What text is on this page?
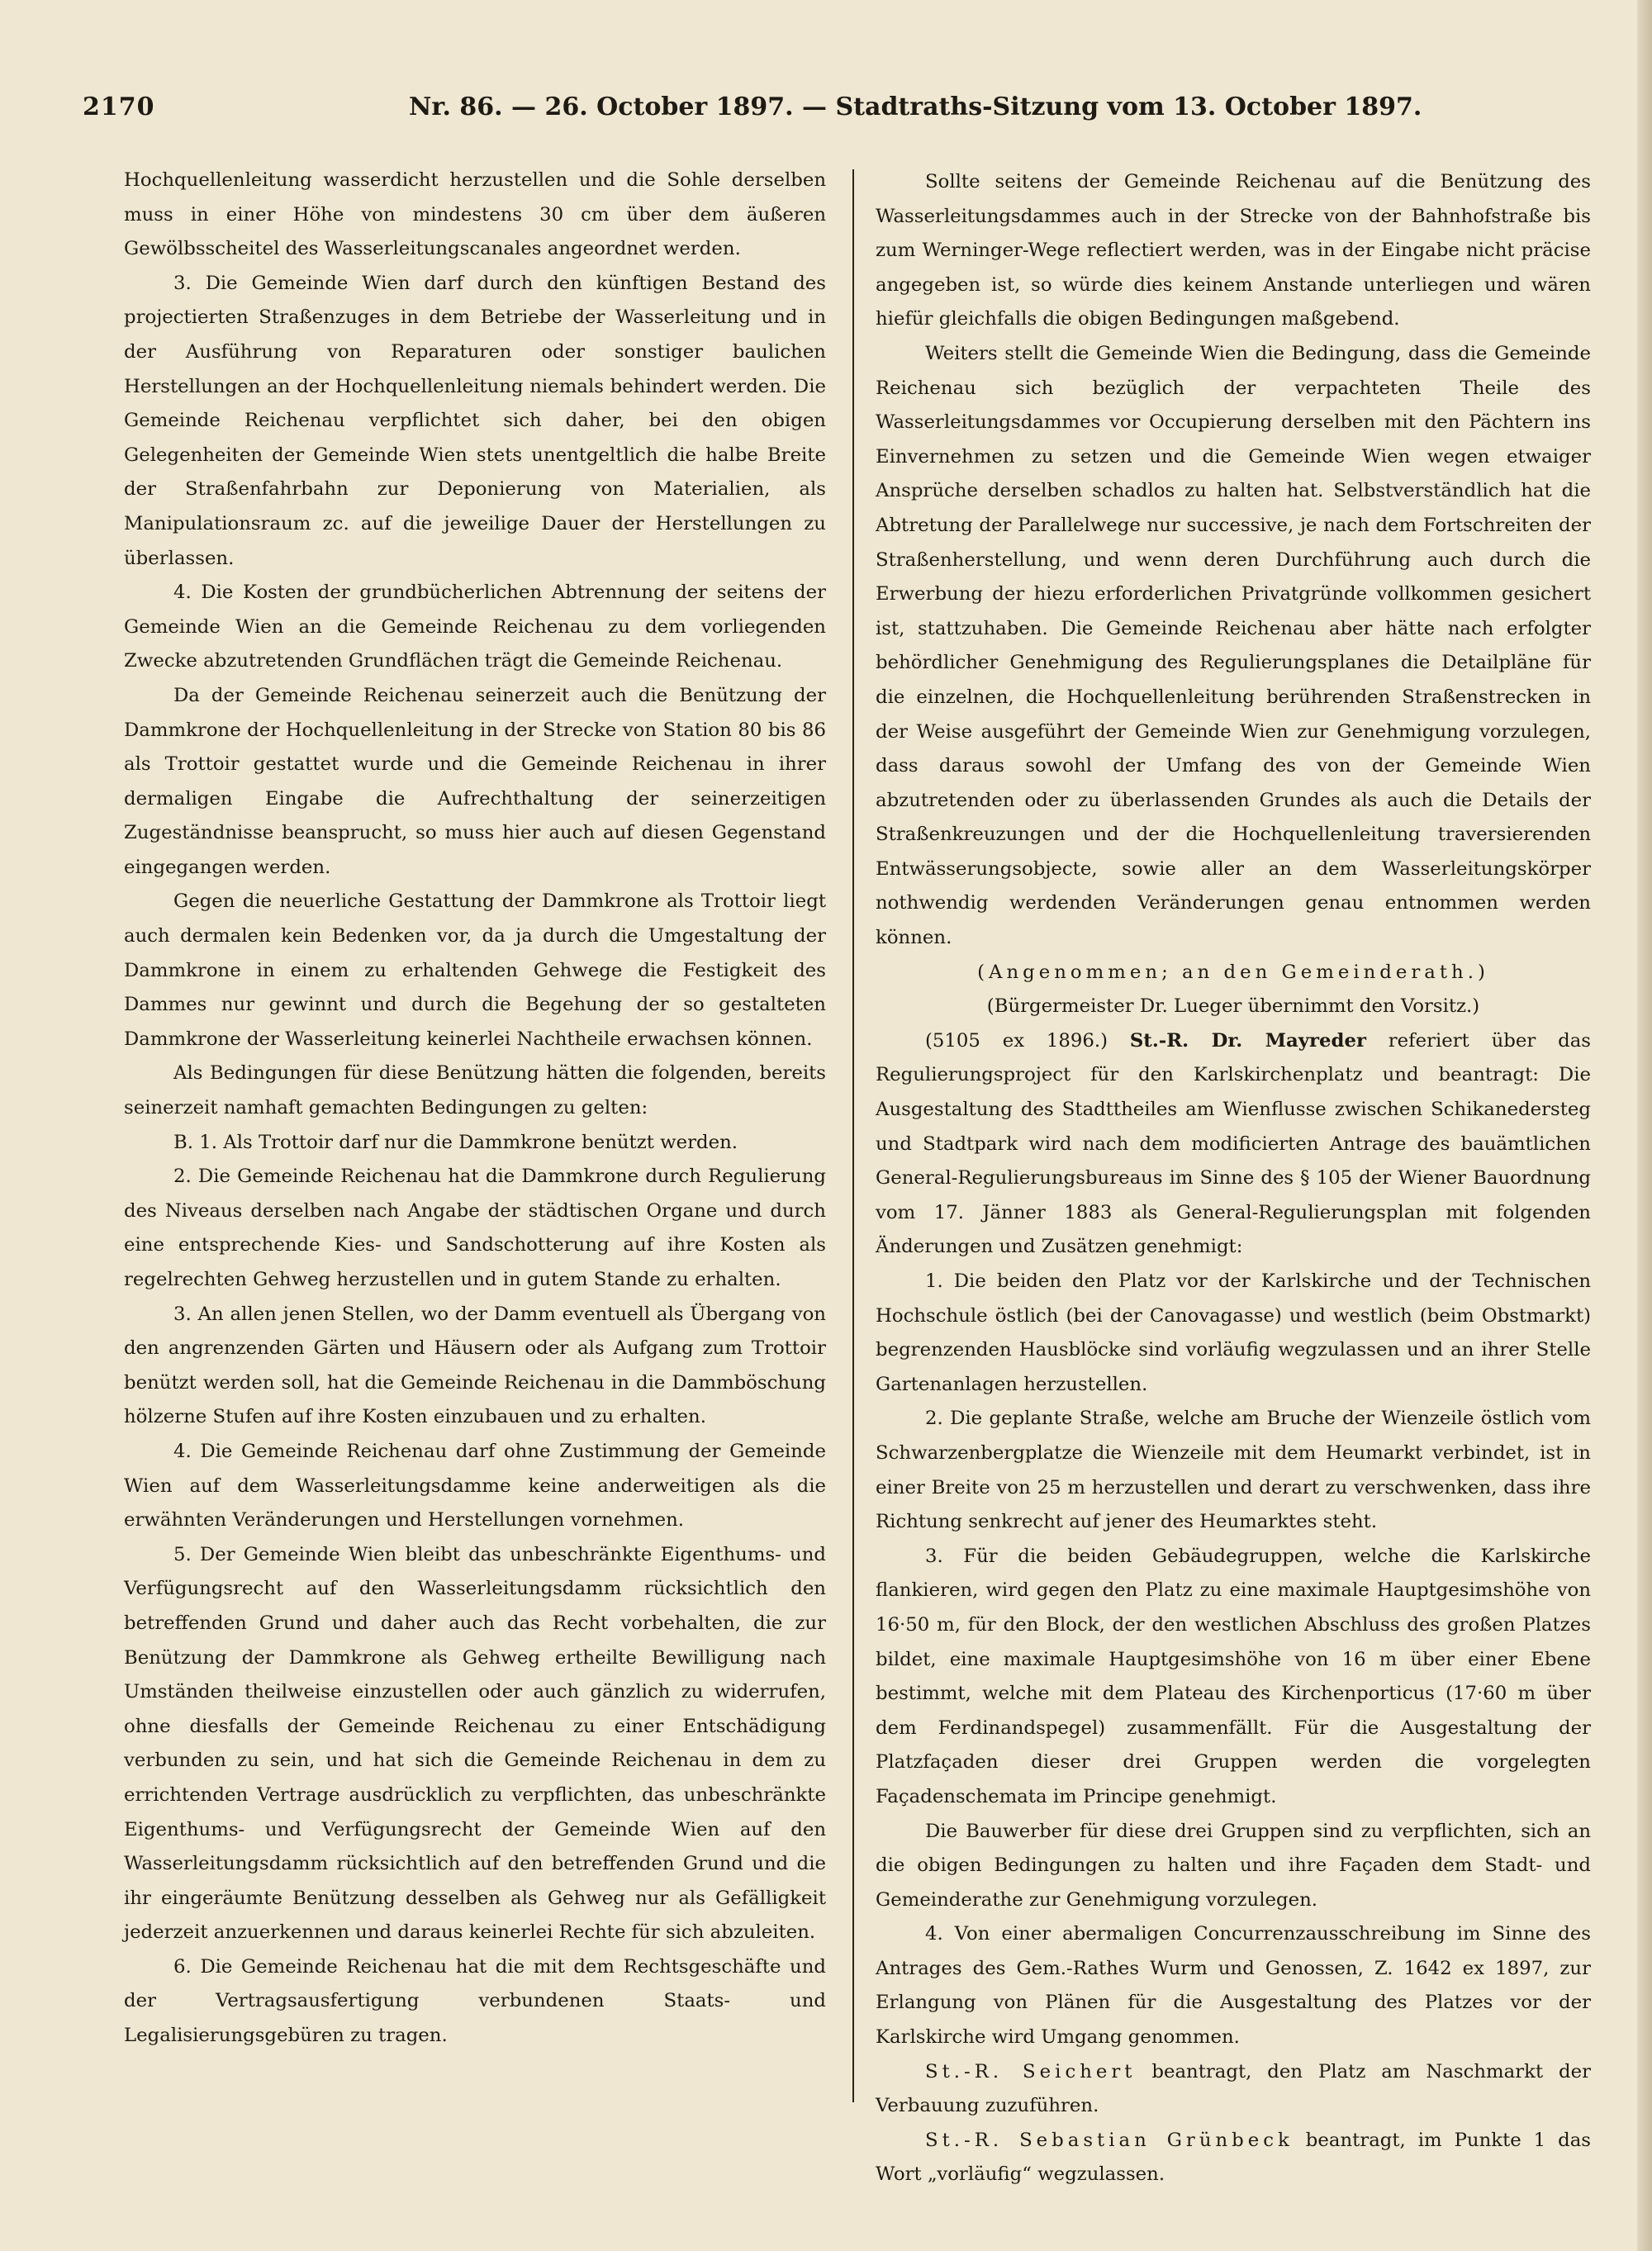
2170	Nr. 86. — 26. October 1897. — Stadtraths-Sitzung vom 13. October 1897.

Hochquellenleitung wasserdicht herzustellen und die Sohle derselben muss in einer Höhe von mindestens 30 cm über dem äußeren Gewölbsscheitel des Wasserleitungscanales angeordnet werden.

3. Die Gemeinde Wien darf durch den künftigen Bestand des projectierten Straßenzuges in dem Betriebe der Wasserleitung und in der Ausführung von Reparaturen oder sonstiger baulichen Herstellungen an der Hochquellenleitung niemals behindert werden. Die Gemeinde Reichenau verpflichtet sich daher, bei den obigen Gelegenheiten der Gemeinde Wien stets unentgeltlich die halbe Breite der Straßenfahrbahn zur Deponierung von Materialien, als Manipulationsraum zc. auf die jeweilige Dauer der Herstellungen zu überlassen.

4. Die Kosten der grundbücherlichen Abtrennung der seitens der Gemeinde Wien an die Gemeinde Reichenau zu dem vorliegenden Zwecke abzutretenden Grundflächen trägt die Gemeinde Reichenau.

Da der Gemeinde Reichenau seinerzeit auch die Benützung der Dammkrone der Hochquellenleitung in der Strecke von Station 80 bis 86 als Trottoir gestattet wurde und die Gemeinde Reichenau in ihrer dermaligen Eingabe die Aufrechthaltung der seinerzeitigen Zugeständnisse beansprucht, so muss hier auch auf diesen Gegenstand eingegangen werden.

Gegen die neuerliche Gestattung der Dammkrone als Trottoir liegt auch dermalen kein Bedenken vor, da ja durch die Umgestaltung der Dammkrone in einem zu erhaltenden Gehwege die Festigkeit des Dammes nur gewinnt und durch die Begehung der so gestalteten Dammkrone der Wasserleitung keinerlei Nachtheile erwachsen können.

Als Bedingungen für diese Benützung hätten die folgenden, bereits seinerzeit namhaft gemachten Bedingungen zu gelten:

B. 1. Als Trottoir darf nur die Dammkrone benützt werden.

2. Die Gemeinde Reichenau hat die Dammkrone durch Regulierung des Niveaus derselben nach Angabe der städtischen Organe und durch eine entsprechende Kies- und Sandschotterung auf ihre Kosten als regelrechten Gehweg herzustellen und in gutem Stande zu erhalten.

3. An allen jenen Stellen, wo der Damm eventuell als Übergang von den angrenzenden Gärten und Häusern oder als Aufgang zum Trottoir benützt werden soll, hat die Gemeinde Reichenau in die Dammböschung hölzerne Stufen auf ihre Kosten einzubauen und zu erhalten.

4. Die Gemeinde Reichenau darf ohne Zustimmung der Gemeinde Wien auf dem Wasserleitungsdamme keine anderweitigen als die erwähnten Veränderungen und Herstellungen vornehmen.

5. Der Gemeinde Wien bleibt das unbeschränkte Eigenthums- und Verfügungsrecht auf den Wasserleitungsdamm rücksichtlich den betreffenden Grund und daher auch das Recht vorbehalten, die zur Benützung der Dammkrone als Gehweg ertheilte Bewilligung nach Umständen theilweise einzustellen oder auch gänzlich zu widerrufen, ohne diesfalls der Gemeinde Reichenau zu einer Entschädigung verbunden zu sein, und hat sich die Gemeinde Reichenau in dem zu errichtenden Vertrage ausdrücklich zu verpflichten, das unbeschränkte Eigenthums- und Verfügungsrecht der Gemeinde Wien auf den Wasserleitungsdamm rücksichtlich auf den betreffenden Grund und die ihr eingeräumte Benützung desselben als Gehweg nur als Gefälligkeit jederzeit anzuerkennen und daraus keinerlei Rechte für sich abzuleiten.

6. Die Gemeinde Reichenau hat die mit dem Rechtsgeschäfte und der Vertragsausfertigung verbundenen Staats- und Legalisierungsgebüren zu tragen.

Sollte seitens der Gemeinde Reichenau auf die Benützung des Wasserleitungsdammes auch in der Strecke von der Bahnhofstraße bis zum Werninger-Wege reflectiert werden, was in der Eingabe nicht präcise angegeben ist, so würde dies keinem Anstande unterliegen und wären hiefür gleichfalls die obigen Bedingungen maßgebend.

Weiters stellt die Gemeinde Wien die Bedingung, dass die Gemeinde Reichenau sich bezüglich der verpachteten Theile des Wasserleitungsdammes vor Occupierung derselben mit den Pächtern ins Einvernehmen zu setzen und die Gemeinde Wien wegen etwaiger Ansprüche derselben schadlos zu halten hat. Selbstverständlich hat die Abtretung der Parallelwege nur successive, je nach dem Fortschreiten der Straßenherstellung, und wenn deren Durchführung auch durch die Erwerbung der hiezu erforderlichen Privatgründe vollkommen gesichert ist, stattzuhaben. Die Gemeinde Reichenau aber hätte nach erfolgter behördlicher Genehmigung des Regulierungsplanes die Detailpläne für die einzelnen, die Hochquellenleitung berührenden Straßenstrecken in der Weise ausgeführt der Gemeinde Wien zur Genehmigung vorzulegen, dass daraus sowohl der Umfang des von der Gemeinde Wien abzutretenden oder zu überlassenden Grundes als auch die Details der Straßenkreuzungen und der die Hochquellenleitung traversierenden Entwässerungsobjecte, sowie aller an dem Wasserleitungskörper nothwendig werdenden Veränderungen genau entnommen werden können.

(Angenommen; an den Gemeinderath.)

(Bürgermeister Dr. Lueger übernimmt den Vorsitz.)

(5105 ex 1896.) St.-R. Dr. Mayreder referiert über das Regulierungsproject für den Karlskirchenplatz und beantragt: Die Ausgestaltung des Stadttheiles am Wienflusse zwischen Schikanedersteg und Stadtpark wird nach dem modificierten Antrage des bauämtlichen General-Regulierungsbureaus im Sinne des § 105 der Wiener Bauordnung vom 17. Jänner 1883 als General-Regulierungsplan mit folgenden Änderungen und Zusätzen genehmigt:

1. Die beiden den Platz vor der Karlskirche und der Technischen Hochschule östlich (bei der Canovagasse) und westlich (beim Obstmarkt) begrenzenden Hausblöcke sind vorläufig wegzulassen und an ihrer Stelle Gartenanlagen herzustellen.

2. Die geplante Straße, welche am Bruche der Wienzeile östlich vom Schwarzenbergplatze die Wienzeile mit dem Heumarkt verbindet, ist in einer Breite von 25 m herzustellen und derart zu verschwenken, dass ihre Richtung senkrecht auf jener des Heumarktes steht.

3. Für die beiden Gebäudegruppen, welche die Karlskirche flankieren, wird gegen den Platz zu eine maximale Hauptgesimshöhe von 16·50 m, für den Block, der den westlichen Abschluss des großen Platzes bildet, eine maximale Hauptgesimshöhe von 16 m über einer Ebene bestimmt, welche mit dem Plateau des Kirchenporticus (17·60 m über dem Ferdinandspegel) zusammenfällt. Für die Ausgestaltung der Platzfaçaden dieser drei Gruppen werden die vorgelegten Façadenschemata im Principe genehmigt.

Die Bauwerber für diese drei Gruppen sind zu verpflichten, sich an die obigen Bedingungen zu halten und ihre Façaden dem Stadt- und Gemeinderathe zur Genehmigung vorzulegen.

4. Von einer abermaligen Concurrenzausschreibung im Sinne des Antrages des Gem.-Rathes Wurm und Genossen, Z. 1642 ex 1897, zur Erlangung von Plänen für die Ausgestaltung des Platzes vor der Karlskirche wird Umgang genommen.

St.-R. Seichert beantragt, den Platz am Naschmarkt der Verbauung zuzuführen.

St.-R. Sebastian Grünbeck beantragt, im Punkte 1 das Wort „vorläufig“ wegzulassen.
